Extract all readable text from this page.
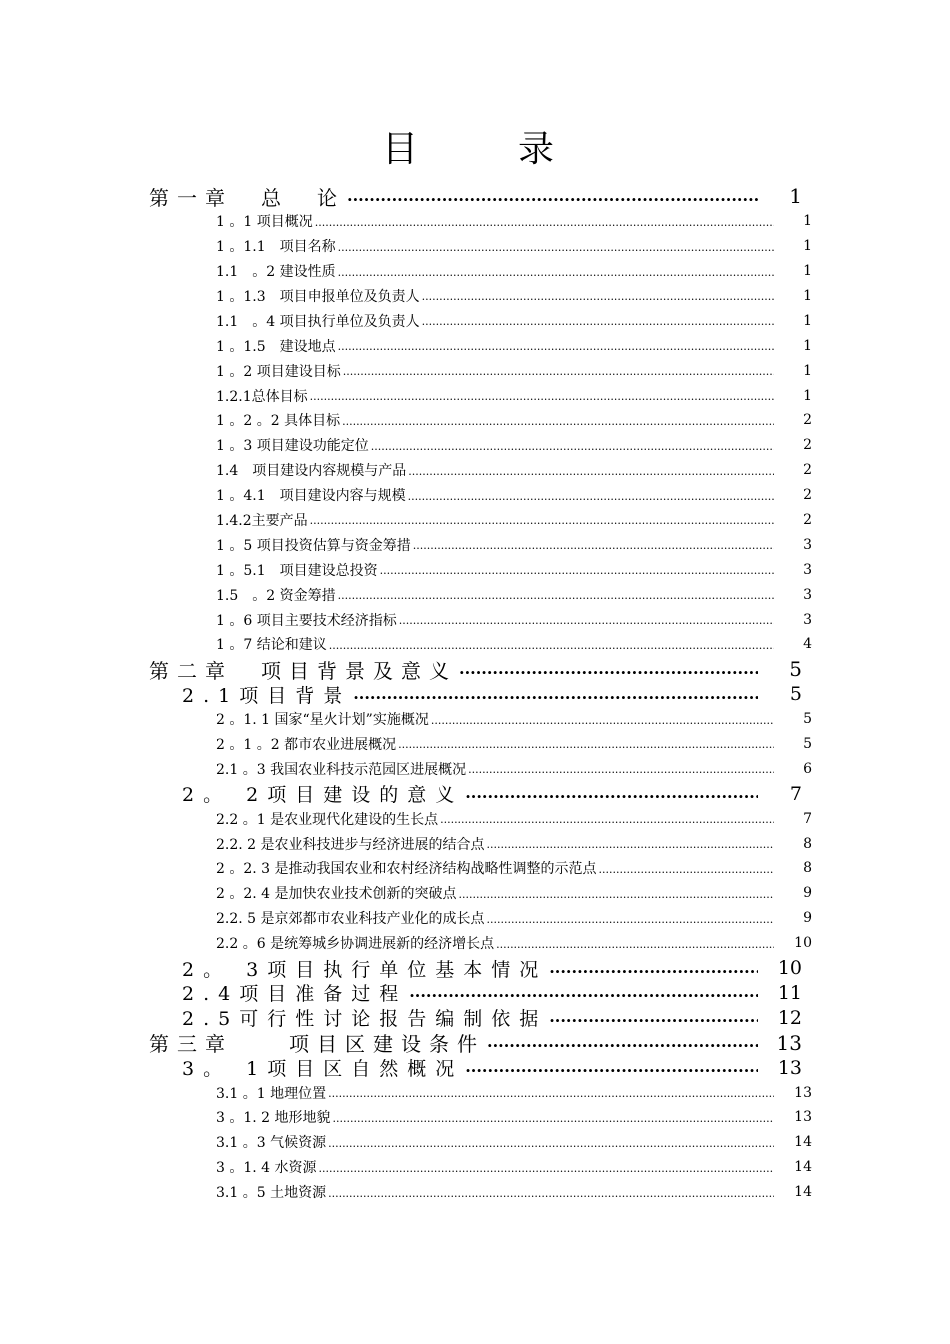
目录
第一章　总　论 .....	1
1 。1 项目概况 .....	1
1 。1.1　项目名称 .....	1
1.1　。2 建设性质 .....	1
1 。1.3　项目申报单位及负责人 .....	1
1.1　。4 项目执行单位及负责人 .....	1
1 。1.5　建设地点 .....	1
1 。2 项目建设目标 .....	1
1.2.1总体目标 .....	1
1 。2 。2 具体目标 .....	2
1 。3 项目建设功能定位 .....	2
1.4　项目建设内容规模与产品 .....	2
1 。4.1　项目建设内容与规模 .....	2
1.4.2主要产品 .....	2
1 。5 项目投资估算与资金筹措 .....	3
1 。5.1　项目建设总投资 .....	3
1.5　。2 资金筹措 .....	3
1 。6 项目主要技术经济指标 .....	3
1 。7 结论和建议 .....	4
第二章　项目背景及意义 .....	5
2.1项目背景 .....	5
2 。1. 1 国家“星火计划”实施概况 .....	5
2 。1 。2 都市农业进展概况 .....	5
2.1 。3 我国农业科技示范园区进展概况 .....	6
2。 2项目建设的意义 .....	7
2.2 。1 是农业现代化建设的生长点 .....	7
2.2. 2 是农业科技进步与经济进展的结合点 .....	8
2 。2. 3 是推动我国农业和农村经济结构战略性调整的示范点 .....	8
2 。2. 4 是加快农业技术创新的突破点 .....	9
2.2. 5 是京郊都市农业科技产业化的成长点 .....	9
2.2 。6 是统筹城乡协调进展新的经济增长点 .....	10
2。 3项目执行单位基本情况 .....	10
2.4项目准备过程 .....	11
2.5可行性讨论报告编制依据 .....	12
第三章　　项目区建设条件 .....	13
3。 1项目区自然概况 .....	13
3.1 。1 地理位置 .....	13
3 。1. 2 地形地貌 .....	13
3.1 。3 气候资源 .....	14
3 。1. 4 水资源 .....	14
3.1 。5 土地资源 .....	14
